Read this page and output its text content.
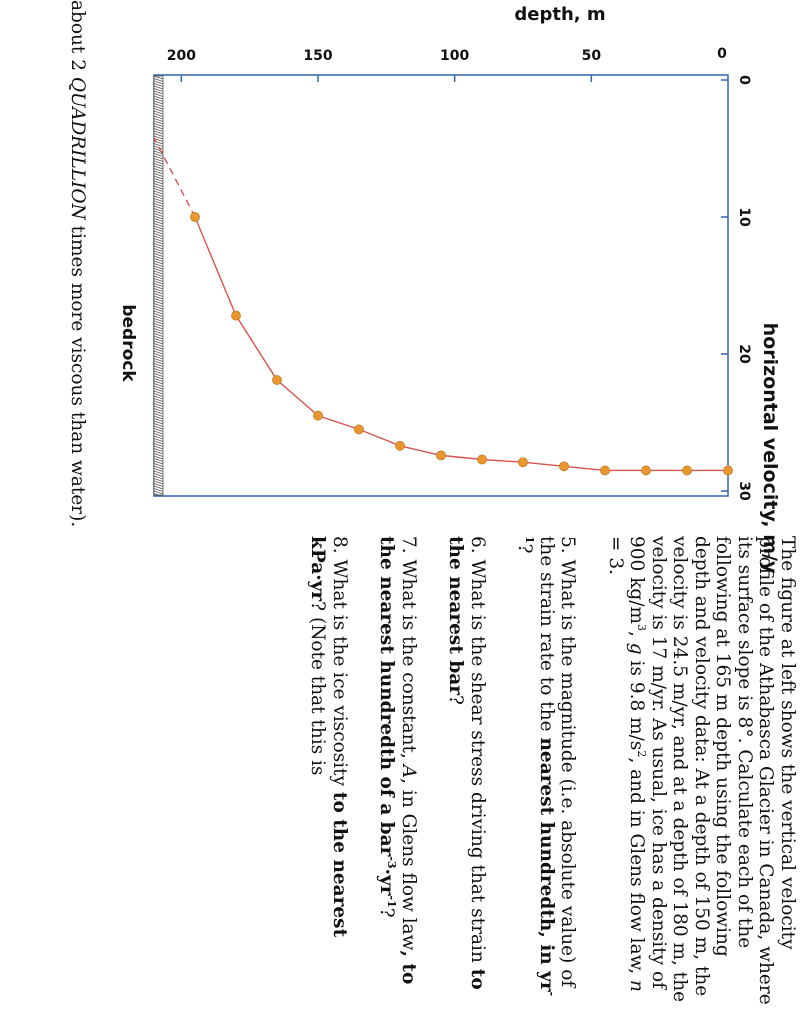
horizontal velocity, m/y
depth, m
0
10
20
30
0
50
100
150
200
bedrock

The figure at left shows the vertical velocity profile of the Athabasca Glacier in Canada, where its surface slope is 8°. Calculate each of the following at 165 m depth using the following depth and velocity data: At a depth of 150 m, the velocity is 24.5 m/yr, and at a depth of 180 m, the velocity is 17 m/yr. As usual, ice has a density of 900 $kg/m^3$, g is 9.8 $m/s^2$, and in Glens flow law, n = 3.

5. What is the magnitude (i.e. absolute value) of the strain rate to the nearest hundredth, in $yr^{-1}$?

6. What is the shear stress driving that strain to the nearest bar?

7. What is the constant, A, in Glens flow law, to the nearest hundredth of a $bar^{-3}\cdot yr^{-1}$?

8. What is the ice viscosity to the nearest kPa·yr? (Note that this is

about 2 QUADRILLION times more viscous than water).
